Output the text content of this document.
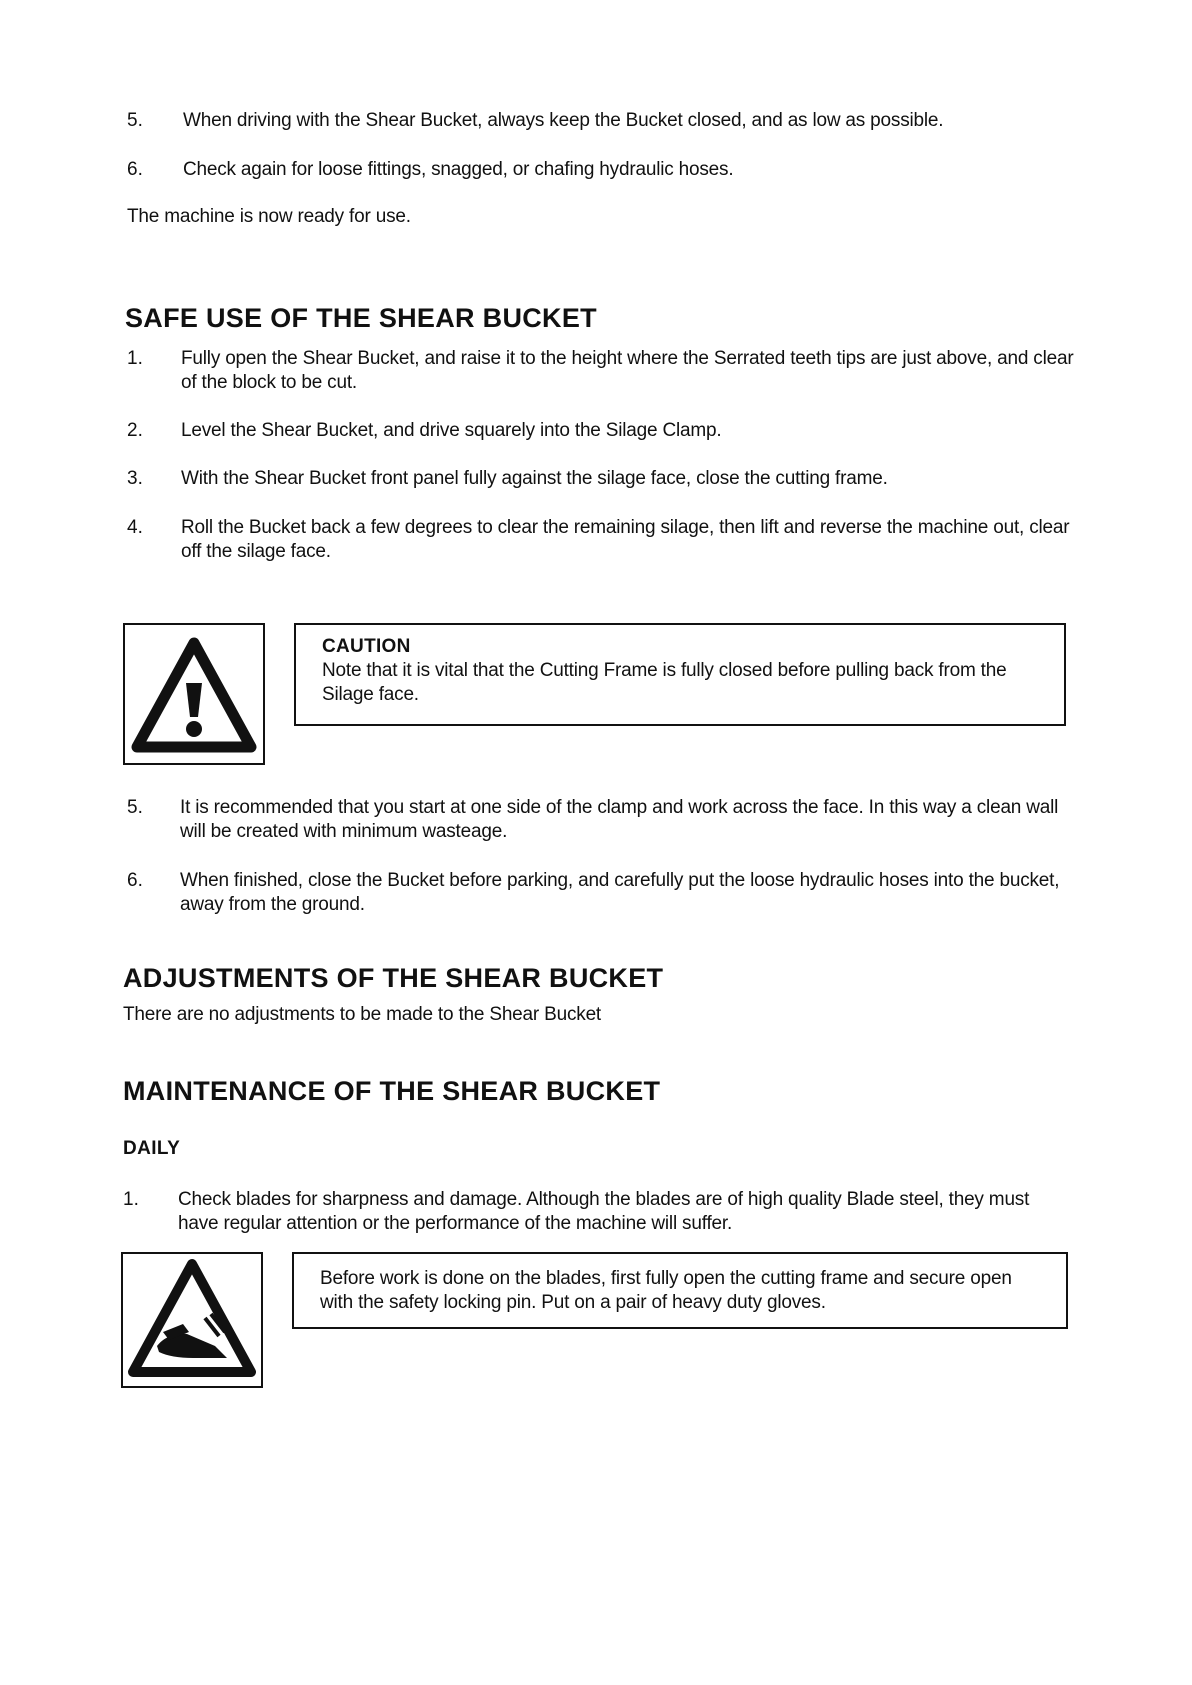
5. When driving with the Shear Bucket, always keep the Bucket closed, and as low as possible.
6. Check again for loose fittings, snagged, or chafing hydraulic hoses.
The machine is now ready for use.
SAFE USE OF THE SHEAR BUCKET
1. Fully open the Shear Bucket, and raise it to the height where the Serrated teeth tips are just above, and clear of the block to be cut.
2. Level the Shear Bucket, and drive squarely into the Silage Clamp.
3. With the Shear Bucket front panel fully against the silage face, close the cutting frame.
4. Roll the Bucket back a few degrees to clear the remaining silage, then lift and reverse the machine out, clear off the silage face.
CAUTION
Note that it is vital that the Cutting Frame is fully closed before pulling back from the Silage face.
5. It is recommended that you start at one side of the clamp and work across the face. In this way a clean wall will be created with minimum wasteage.
6. When finished, close the Bucket before parking, and carefully put the loose hydraulic hoses into the bucket, away from the ground.
ADJUSTMENTS OF THE SHEAR BUCKET
There are no adjustments to be made to the Shear Bucket
MAINTENANCE OF THE SHEAR BUCKET
DAILY
1. Check blades for sharpness and damage. Although the blades are of high quality Blade steel, they must have regular attention or the performance of the machine will suffer.
Before work is done on the blades, first fully open the cutting frame and secure open with the safety locking pin. Put on a pair of heavy duty gloves.
